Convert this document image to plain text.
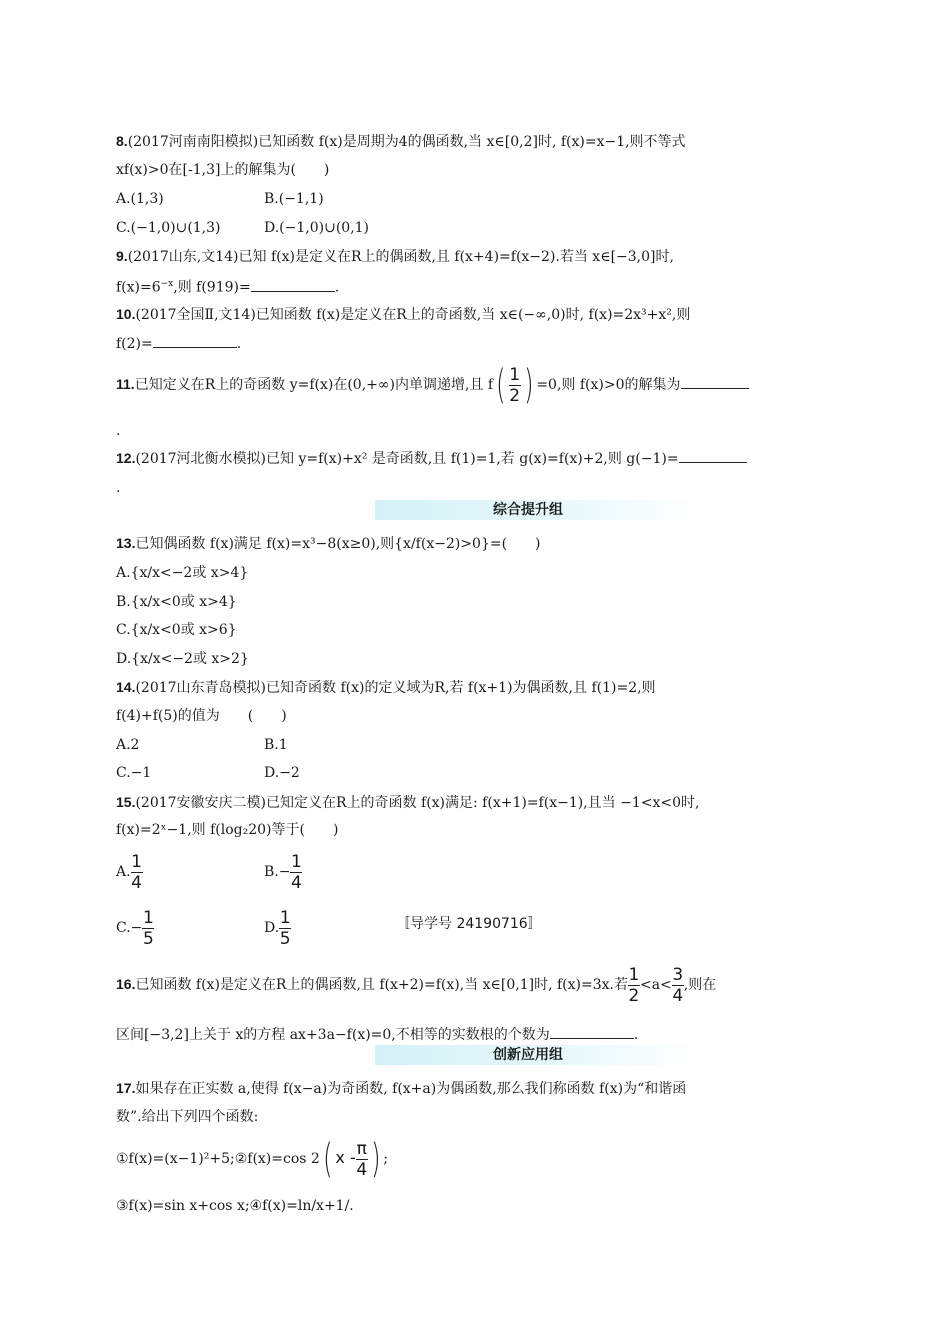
8.(2017河南南阳模拟)已知函数 f(x)是周期为4的偶函数,当 x∈[0,2]时, f(x)=x−1,则不等式
xf(x)>0在[-1,3]上的解集为(　　)
A.(1,3)	B.(−1,1)
C.(−1,0)∪(1,3)	D.(−1,0)∪(0,1)
9.(2017山东,文14)已知 f(x)是定义在R上的偶函数,且 f(x+4)=f(x−2).若当 x∈[−3,0]时,
$f(x)=6^{-x}$,则 f(919)=	.
10.(2017全国Ⅱ,文14)已知函数 f(x)是定义在R上的奇函数,当 x∈(−∞,0)时, f(x)=2x³+x²,则
f(2)=	.
11.已知定义在R上的奇函数 y=f(x)在(0,+∞)内单调递增,且 $f( \frac{1}{2}$ ) =0,则 f(x)>0的解集为
.
12.(2017河北衡水模拟)已知 y=f(x)+x² 是奇函数,且 f(1)=1,若 g(x)=f(x)+2,则 g(−1)=
.
综合提升组
13.已知偶函数 f(x)满足 f(x)=x³−8(x≥0),则{x/f(x−2)>0}=(　　)
A.{x/x<−2或 x>4}
B.{x/x<0或 x>4}
C.{x/x<0或 x>6}
D.{x/x<−2或 x>2}
14.(2017山东青岛模拟)已知奇函数 f(x)的定义域为R,若 f(x+1)为偶函数,且 f(1)=2,则
f(4)+f(5)的值为　　(　　)
A.2	B.1
C.−1	D.−2
15.(2017安徽安庆二模)已知定义在R上的奇函数 f(x)满足: f(x+1)=f(x−1),且当 −1<x<0时,
f(x)=2ˣ−1,则 f(log₂20)等于(　　)
A. $\frac{1}{4}$	$B.- \frac{1}{4}$
$C.- \frac{1}{5}$	D. $\frac{1}{5}$	〚导学号 24190716〛
16.已知函数 f(x)是定义在R上的偶函数,且 f(x+2)=f(x),当 x∈[0,1]时, f(x)=3x.若 $\frac{1}{2} <a< \frac{3}{4}$ ,则在
区间[−3,2]上关于 x的方程 ax+3a−f(x)=0,不相等的实数根的个数为	.
创新应用组
17.如果存在正实数 a,使得 f(x−a)为奇函数, f(x+a)为偶函数,那么我们称函数 f(x)为“和谐函
数”.给出下列四个函数:
①f(x)=(x−1)²+5;②f(x)=cos 2( x - $\frac{\pi}{4}$ ) ;
③f(x)=sin x+cos x;④f(x)=ln/x+1/.
